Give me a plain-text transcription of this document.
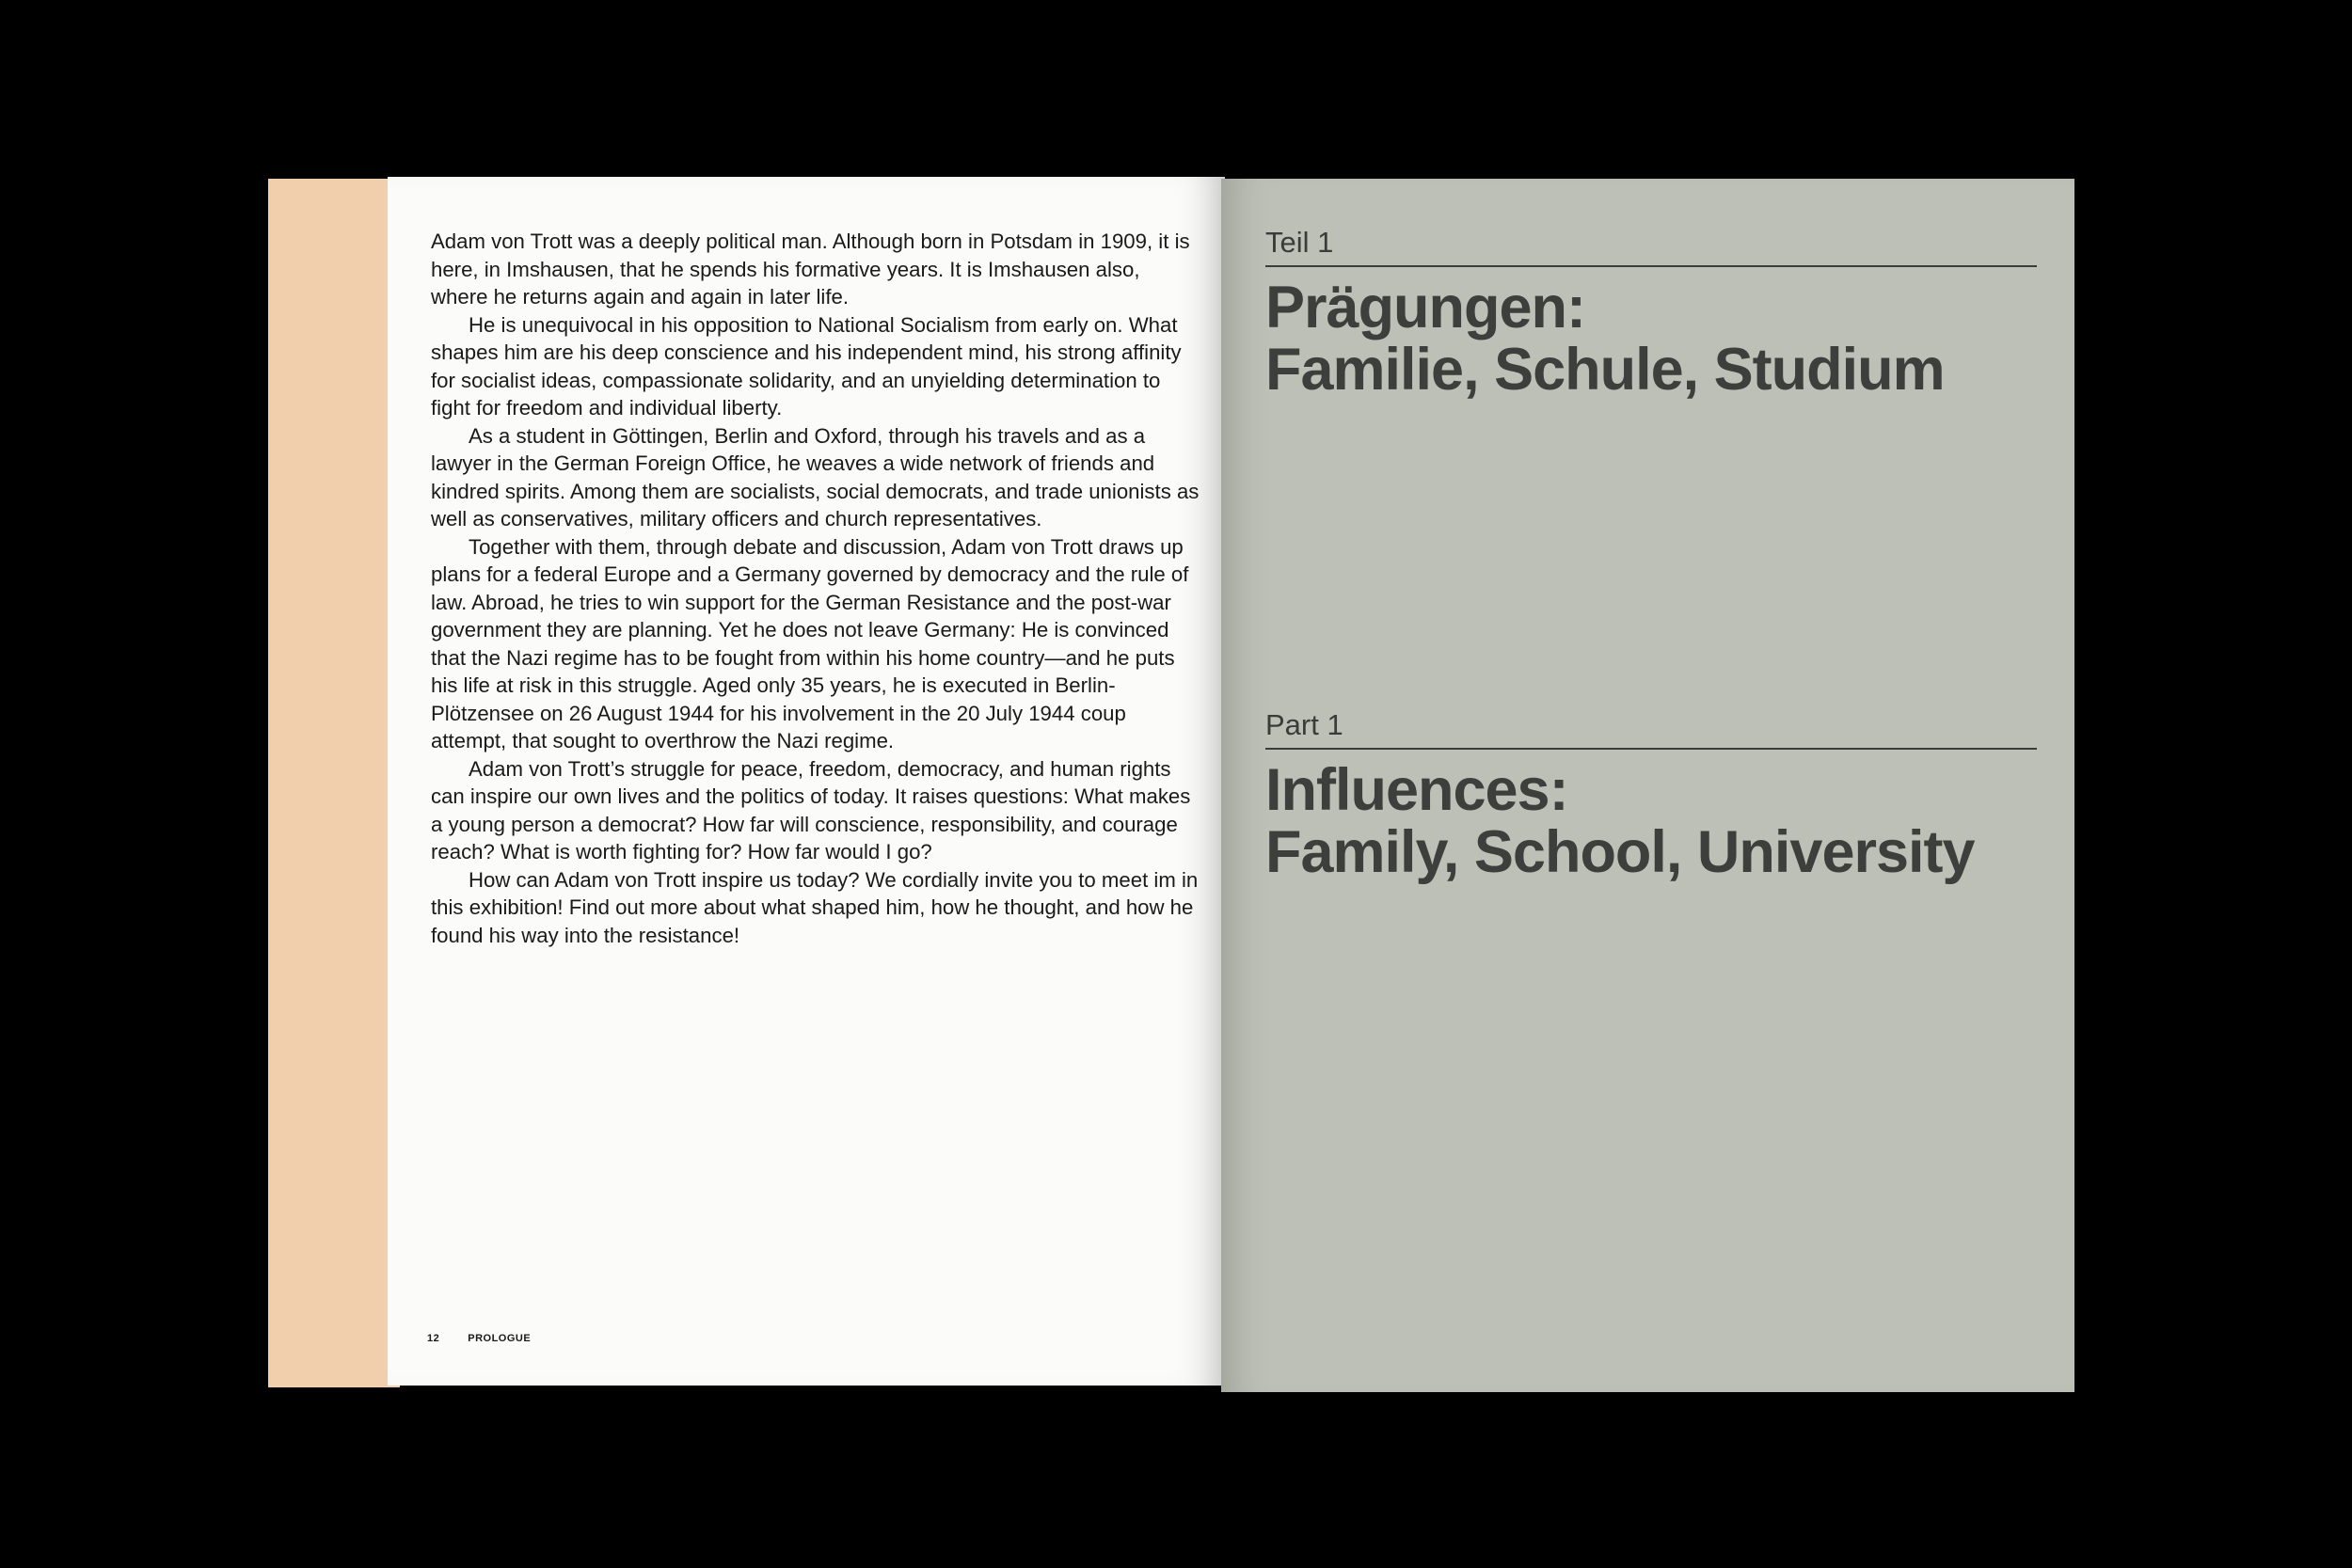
Adam von Trott was a deeply political man. Although born in Potsdam in 1909, it is here, in Imshausen, that he spends his formative years. It is Imshausen also, where he returns again and again in later life.

He is unequivocal in his opposition to National Socialism from early on. What shapes him are his deep conscience and his independent mind, his strong affinity for socialist ideas, compassionate solidarity, and an unyielding determination to fight for freedom and individual liberty.

As a student in Göttingen, Berlin and Oxford, through his travels and as a lawyer in the German Foreign Office, he weaves a wide network of friends and kindred spirits. Among them are socialists, social democrats, and trade unionists as well as conservatives, military officers and church representatives.

Together with them, through debate and discussion, Adam von Trott draws up plans for a federal Europe and a Germany governed by democracy and the rule of law. Abroad, he tries to win support for the German Resistance and the post-war government they are planning. Yet he does not leave Germany: He is convinced that the Nazi regime has to be fought from within his home country—and he puts his life at risk in this struggle. Aged only 35 years, he is executed in Berlin-Plötzensee on 26 August 1944 for his involvement in the 20 July 1944 coup attempt, that sought to overthrow the Nazi regime.

Adam von Trott’s struggle for peace, freedom, democracy, and human rights can inspire our own lives and the politics of today. It raises questions: What makes a young person a democrat? How far will conscience, responsibility, and courage reach? What is worth fighting for? How far would I go?

How can Adam von Trott inspire us today? We cordially invite you to meet im in this exhibition! Find out more about what shaped him, how he thought, and how he found his way into the resistance!

12	PROLOGUE
Teil 1
Prägungen:
Familie, Schule, Studium
Part 1
Influences:
Family, School, University
